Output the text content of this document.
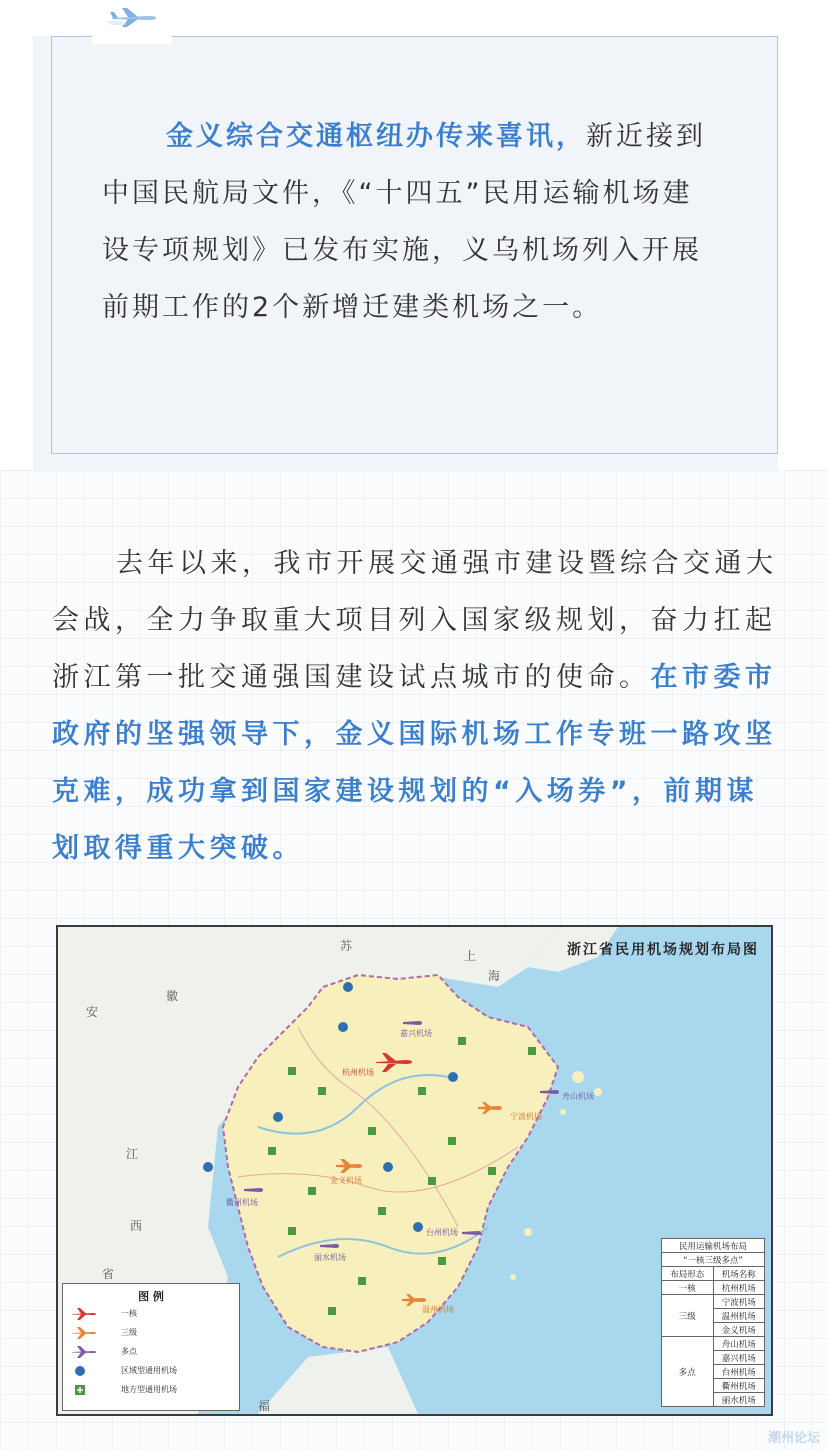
金义综合交通枢纽办传来喜讯，新近接到中国民航局文件，《“十四五”民用运输机场建设专项规划》已发布实施，义乌机场列入开展前期工作的2个新增迁建类机场之一。

去年以来，我市开展交通强市建设暨综合交通大会战，全力争取重大项目列入国家级规划，奋力扛起浙江第一批交通强国建设试点城市的使命。在市委市政府的坚强领导下，金义国际机场工作专班一路攻坚克难，成功拿到国家建设规划的“入场券”，前期谋划取得重大突破。

浙江省民用机场规划布局图
苏
上
海
安
徽
江
西
省
福
杭州机场
嘉兴机场
宁波机场
舟山机场
金义机场
衢州机场
台州机场
丽水机场
温州机场
图 例
一核
三级
多点
区域型通用机场
地方型通用机场
民用运输机场布局	
“一核三级多点”	
布局形态	机场名称
一核	杭州机场
三级	宁波机场
	温州机场
	金义机场
多点	舟山机场
	嘉兴机场
	台州机场
	衢州机场
	丽水机场
潮州论坛
